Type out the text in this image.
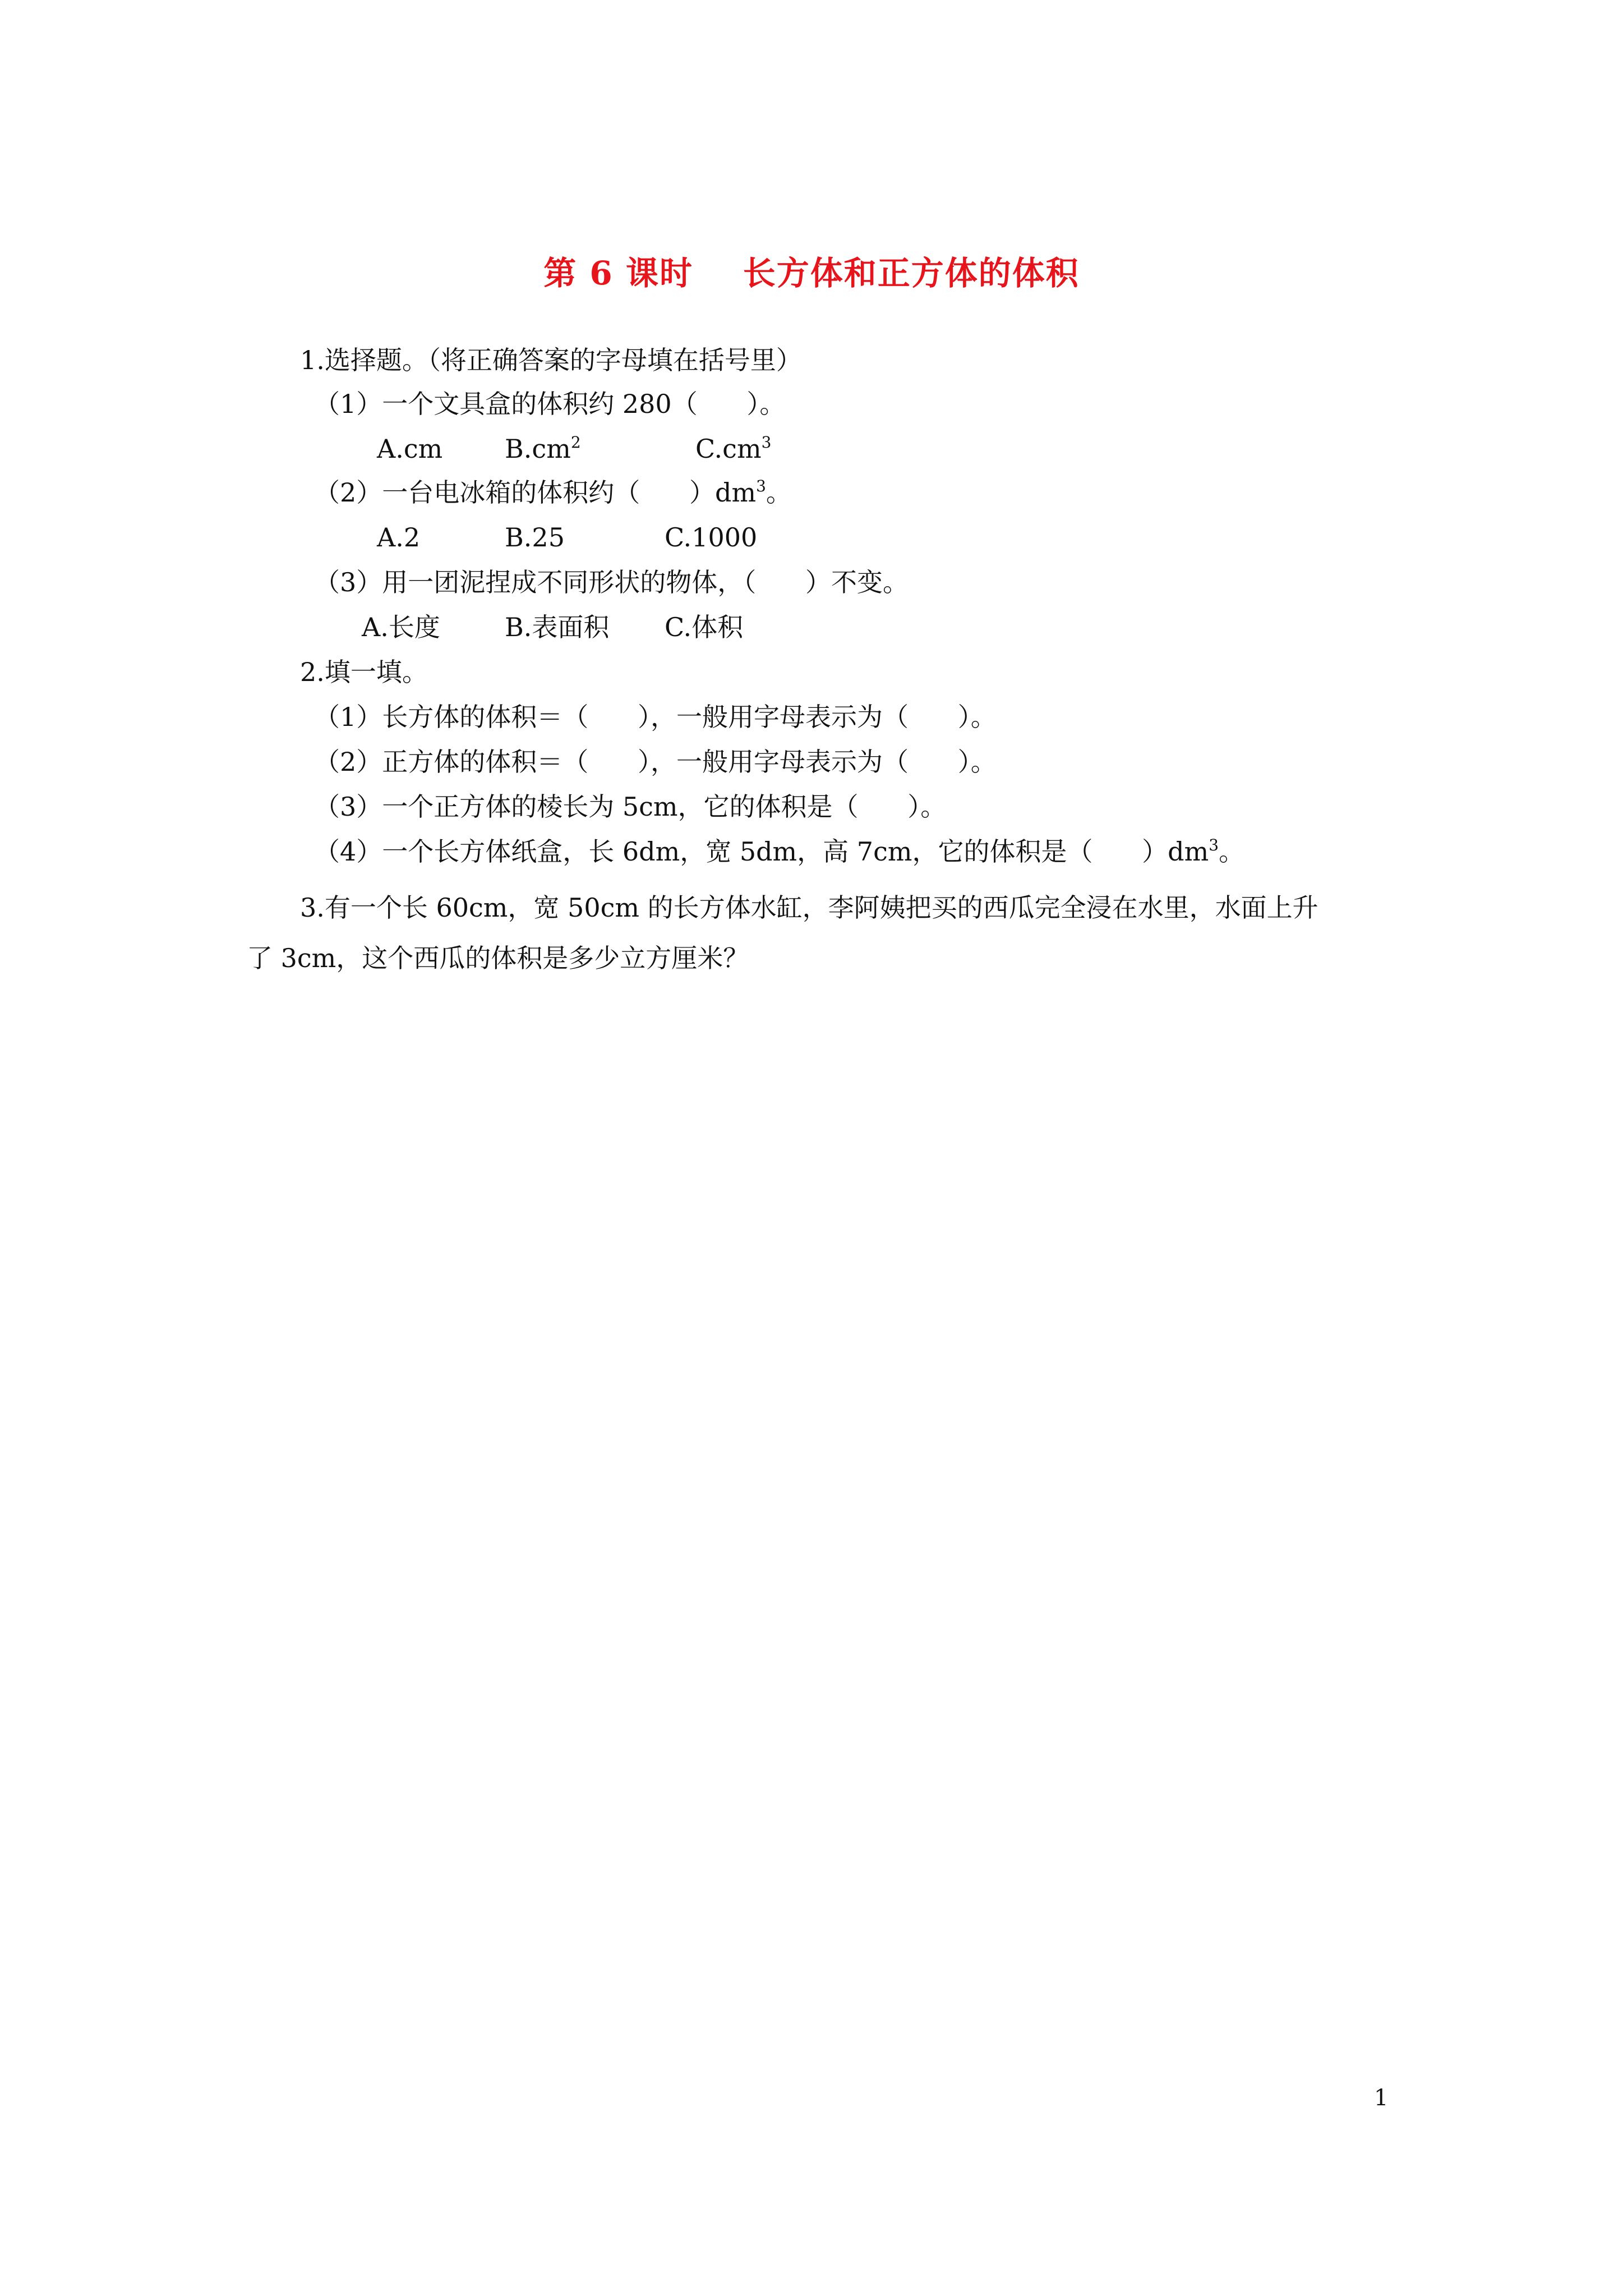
第 6 课时    长方体和正方体的体积
1.选择题。（将正确答案的字母填在括号里）
（1）一个文具盒的体积约 280（      ）。
A.cm $B.cm^2$	$C.cm^3$
（2）一台电冰箱的体积约（      ）$dm^3$。
A.2	B.25	C.1000
（3）用一团泥捏成不同形状的物体，（      ）不变。
A.长度	B.表面积 C.体积
2.填一填。
（1）长方体的体积＝（      ），一般用字母表示为（      ）。
（2）正方体的体积＝（      ），一般用字母表示为（      ）。
（3）一个正方体的棱长为 5cm，它的体积是（      ）。
（4）一个长方体纸盒，长 6dm，宽 5dm，高 7cm，它的体积是（      ）$dm^3$。
3.有一个长 60cm，宽 50cm 的长方体水缸，李阿姨把买的西瓜完全浸在水里，水面上升
了 3cm，这个西瓜的体积是多少立方厘米？
1
